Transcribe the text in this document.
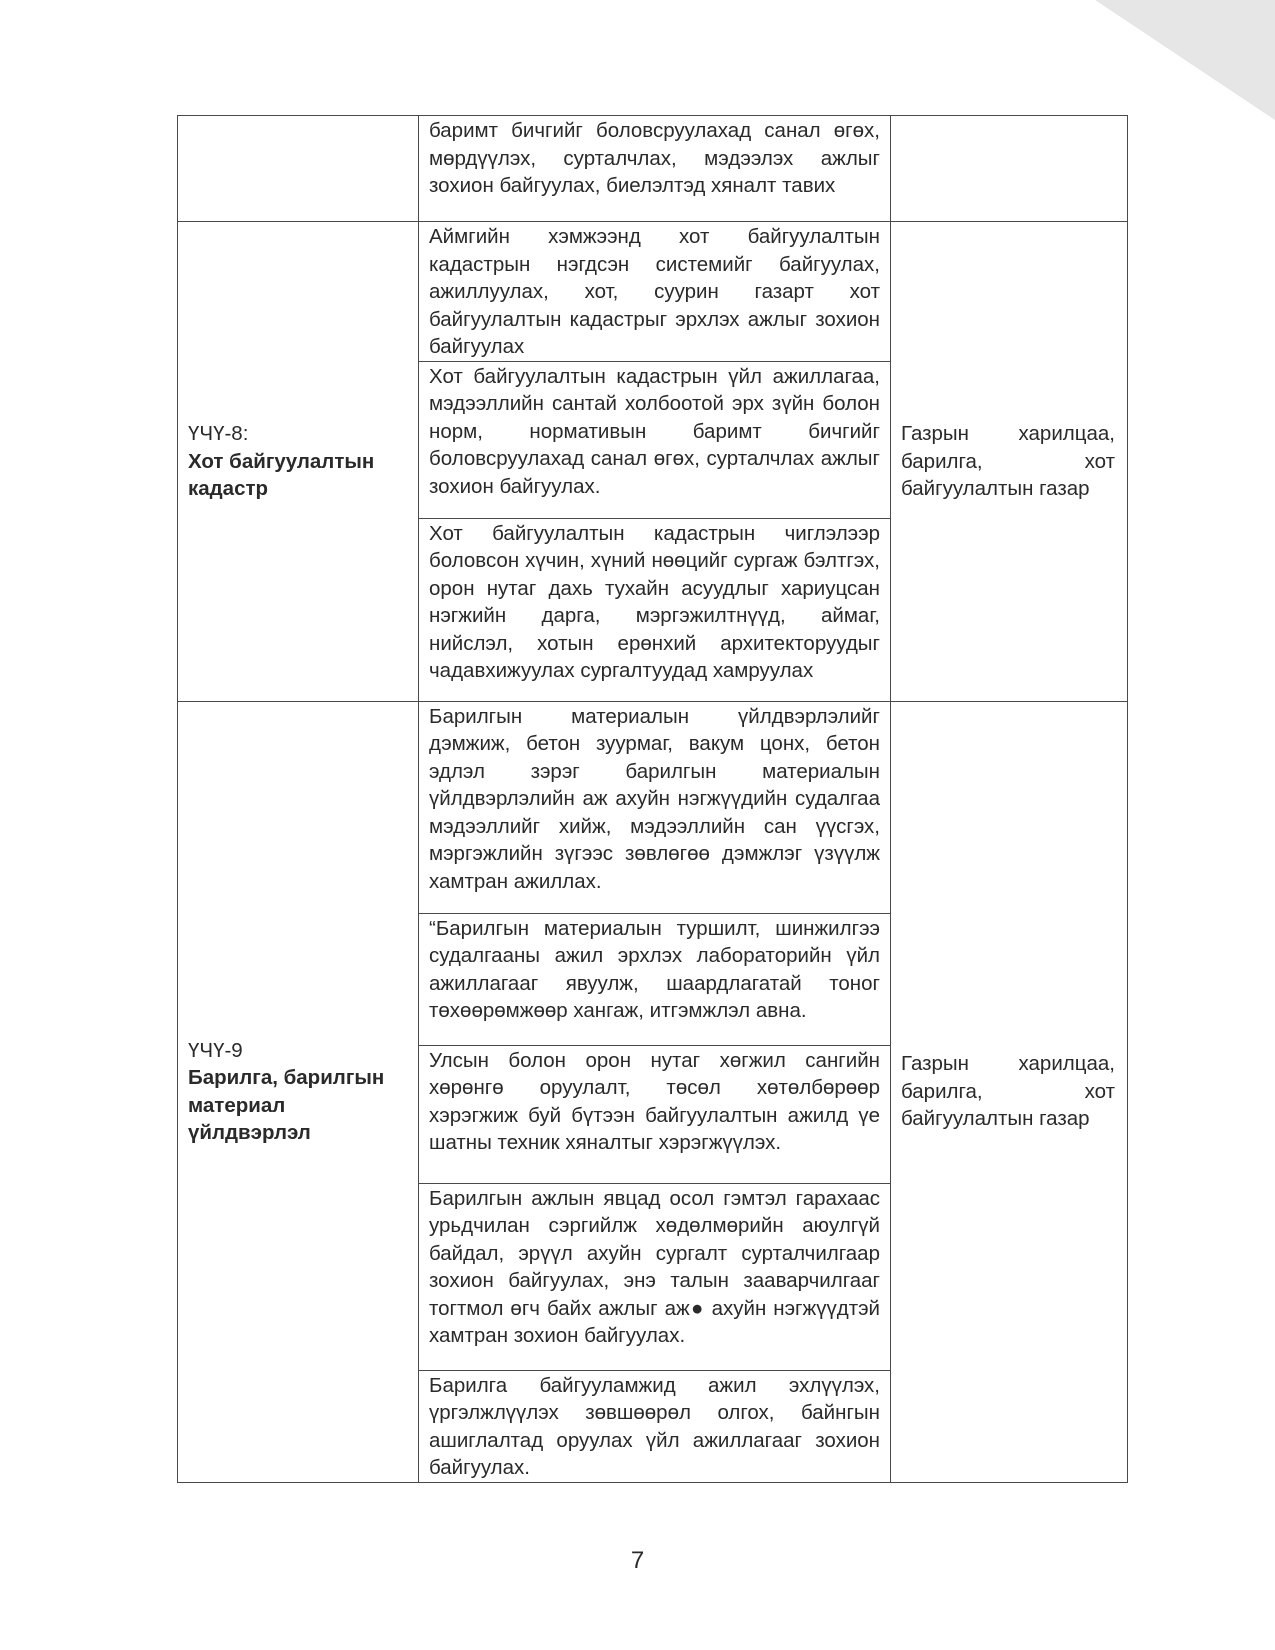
	баримт бичгийг боловсруулахад санал өгөх, мөрдүүлэх, сурталчлах, мэдээлэх ажлыг зохион байгуулах, биелэлтэд хяналт тавих	

ҮЧҮ-8:
Хот байгуулалтын кадастр	Аймгийн хэмжээнд хот байгуулалтын кадастрын нэгдсэн системийг байгуулах, ажиллуулах, хот, суурин газарт хот байгуулалтын кадастрыг эрхлэх ажлыг зохион байгуулах	Газрын харилцаа, барилга, хот байгуулалтын газар
	Хот байгуулалтын кадастрын үйл ажиллагаа, мэдээллийн сантай холбоотой эрх зүйн болон норм, нормативын баримт бичгийг боловсруулахад санал өгөх, сурталчлах ажлыг зохион байгуулах.	
	Хот байгуулалтын кадастрын чиглэлээр боловсон хүчин, хүний нөөцийг сургаж бэлтгэх, орон нутаг дахь тухайн асуудлыг хариуцсан нэгжийн дарга, мэргэжилтнүүд, аймаг, нийслэл, хотын ерөнхий архитекторуудыг чадавхижуулах сургалтуудад хамруулах	

ҮЧҮ-9
Барилга, барилгын материал үйлдвэрлэл	Барилгын материалын үйлдвэрлэлийг дэмжиж, бетон зуурмаг, вакум цонх, бетон эдлэл зэрэг барилгын материалын үйлдвэрлэлийн аж ахуйн нэгжүүдийн судалгаа мэдээллийг хийж, мэдээллийн сан үүсгэх, мэргэжлийн зүгээс зөвлөгөө дэмжлэг үзүүлж хамтран ажиллах.	Газрын харилцаа, барилга, хот байгуулалтын газар
	“Барилгын материалын туршилт, шинжилгээ судалгааны ажил эрхлэх лабораторийн үйл ажиллагааг явуулж, шаардлагатай тоног төхөөрөмжөөр хангаж, итгэмжлэл авна.	
	Улсын болон орон нутаг хөгжил сангийн хөрөнгө оруулалт, төсөл хөтөлбөрөөр хэрэгжиж буй бүтээн байгуулалтын ажилд үе шатны техник хяналтыг хэрэгжүүлэх.	
	Барилгын ажлын явцад осол гэмтэл гарахаас урьдчилан сэргийлж хөдөлмөрийн аюулгүй байдал, эрүүл ахуйн сургалт сурталчилгаар зохион байгуулах, энэ талын зааварчилгааг тогтмол өгч байх ажлыг аж● ахуйн нэгжүүдтэй хамтран зохион байгуулах.	
	Барилга байгууламжид ажил эхлүүлэх, үргэлжлүүлэх зөвшөөрөл олгох, байнгын ашиглалтад оруулах үйл ажиллагааг зохион байгуулах.	
7
